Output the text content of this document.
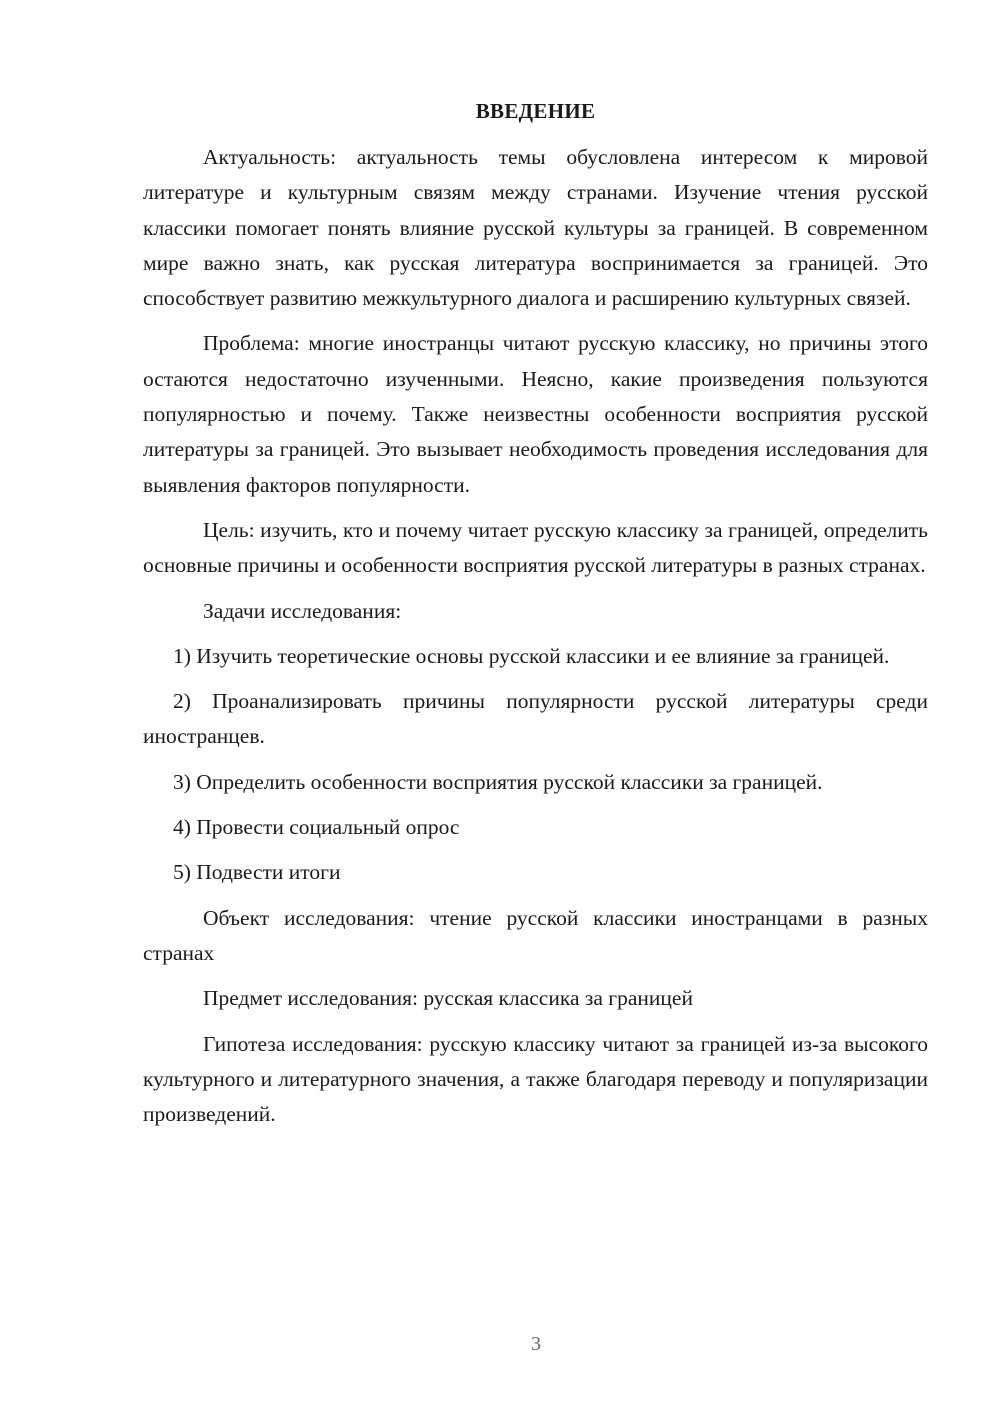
ВВЕДЕНИЕ

Актуальность: актуальность темы обусловлена интересом к мировой литературе и культурным связям между странами. Изучение чтения русской классики помогает понять влияние русской культуры за границей. В современном мире важно знать, как русская литература воспринимается за границей. Это способствует развитию межкультурного диалога и расширению культурных связей.

Проблема: многие иностранцы читают русскую классику, но причины этого остаются недостаточно изученными. Неясно, какие произведения пользуются популярностью и почему. Также неизвестны особенности восприятия русской литературы за границей. Это вызывает необходимость проведения исследования для выявления факторов популярности.

Цель: изучить, кто и почему читает русскую классику за границей, определить основные причины и особенности восприятия русской литературы в разных странах.

Задачи исследования:

1) Изучить теоретические основы русской классики и ее влияние за границей.

2) Проанализировать причины популярности русской литературы среди иностранцев.

3) Определить особенности восприятия русской классики за границей.

4) Провести социальный опрос

5) Подвести итоги

Объект исследования: чтение русской классики иностранцами в разных странах

Предмет исследования: русская классика за границей

Гипотеза исследования: русскую классику читают за границей из-за высокого культурного и литературного значения, а также благодаря переводу и популяризации произведений.

3
